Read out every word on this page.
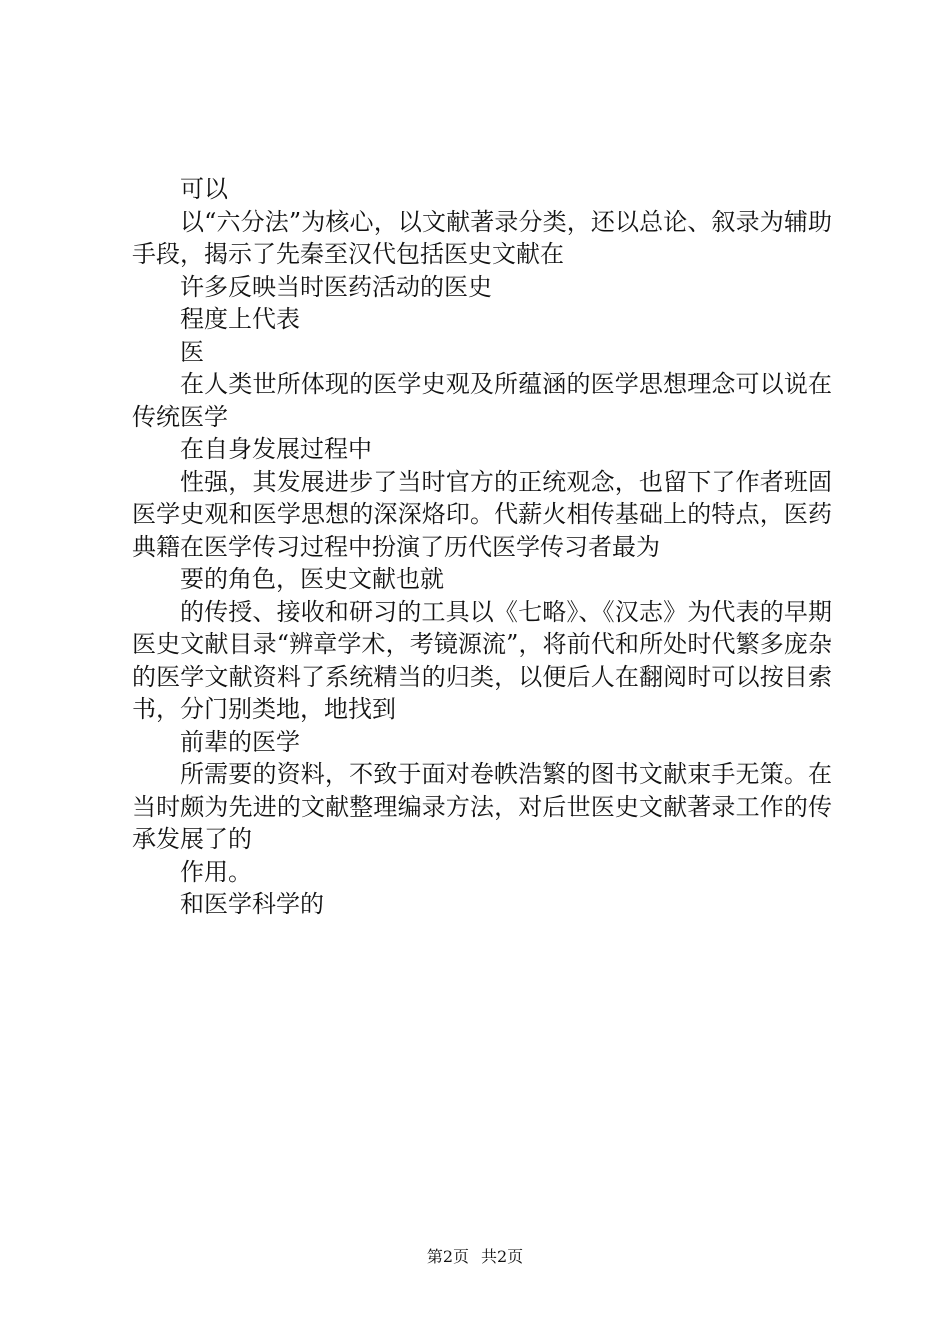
可以

以“六分法”为核心，以文献著录分类，还以总论、叙录为辅助手段，揭示了先秦至汉代包括医史文献在

许多反映当时医药活动的医史

程度上代表

医

在人类世所体现的医学史观及所蕴涵的医学思想理念可以说在传统医学

在自身发展过程中

性强，其发展进步了当时官方的正统观念，也留下了作者班固医学史观和医学思想的深深烙印。代薪火相传基础上的特点，医药典籍在医学传习过程中扮演了历代医学传习者最为

要的角色，医史文献也就

的传授、接收和研习的工具以《七略》、《汉志》为代表的早期医史文献目录“辨章学术，考镜源流”，将前代和所处时代繁多庞杂的医学文献资料了系统精当的归类，以便后人在翻阅时可以按目索书，分门别类地，地找到

前辈的医学

所需要的资料，不致于面对卷帙浩繁的图书文献束手无策。在当时颇为先进的文献整理编录方法，对后世医史文献著录工作的传承发展了的

作用。

和医学科学的

第2页 共2页
